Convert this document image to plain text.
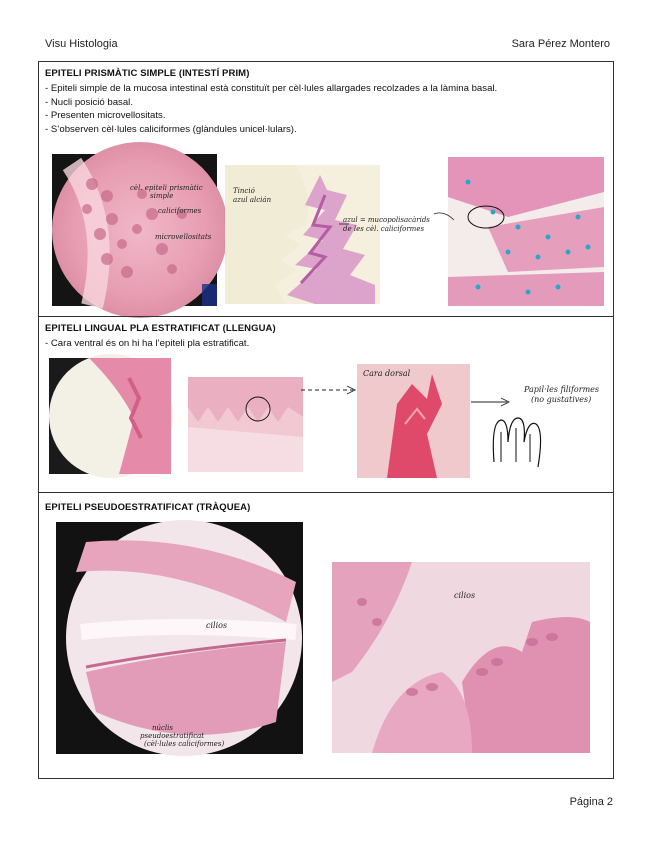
Visu Histologia	Sara Pérez Montero
EPITELI PRISMÀTIC SIMPLE (INTESTÍ PRIM)
- Epiteli simple de la mucosa intestinal està constituït per cèl·lules allargades recolzades a la làmina basal.
- Nucli posició basal.
- Presenten microvellositats.
- S’observen cèl·lules caliciformes (glàndules unicel·lulars).
cèl. epiteli prismàtic
simple
caliciformes
microvellositats
Tinció
azul alcián
azul = mucopolisacàrids
de les cèl. caliciformes
EPITELI LINGUAL PLA ESTRATIFICAT (LLENGUA)
- Cara ventral és on hi ha l’epiteli pla estratificat.
Cara dorsal
Papil·les filiformes
(no gustatives)
EPITELI PSEUDOESTRATIFICAT (TRÀQUEA)
cilios
núclis
pseudoestratificat
(cèl·lules caliciformes)
cilios
Página 2
